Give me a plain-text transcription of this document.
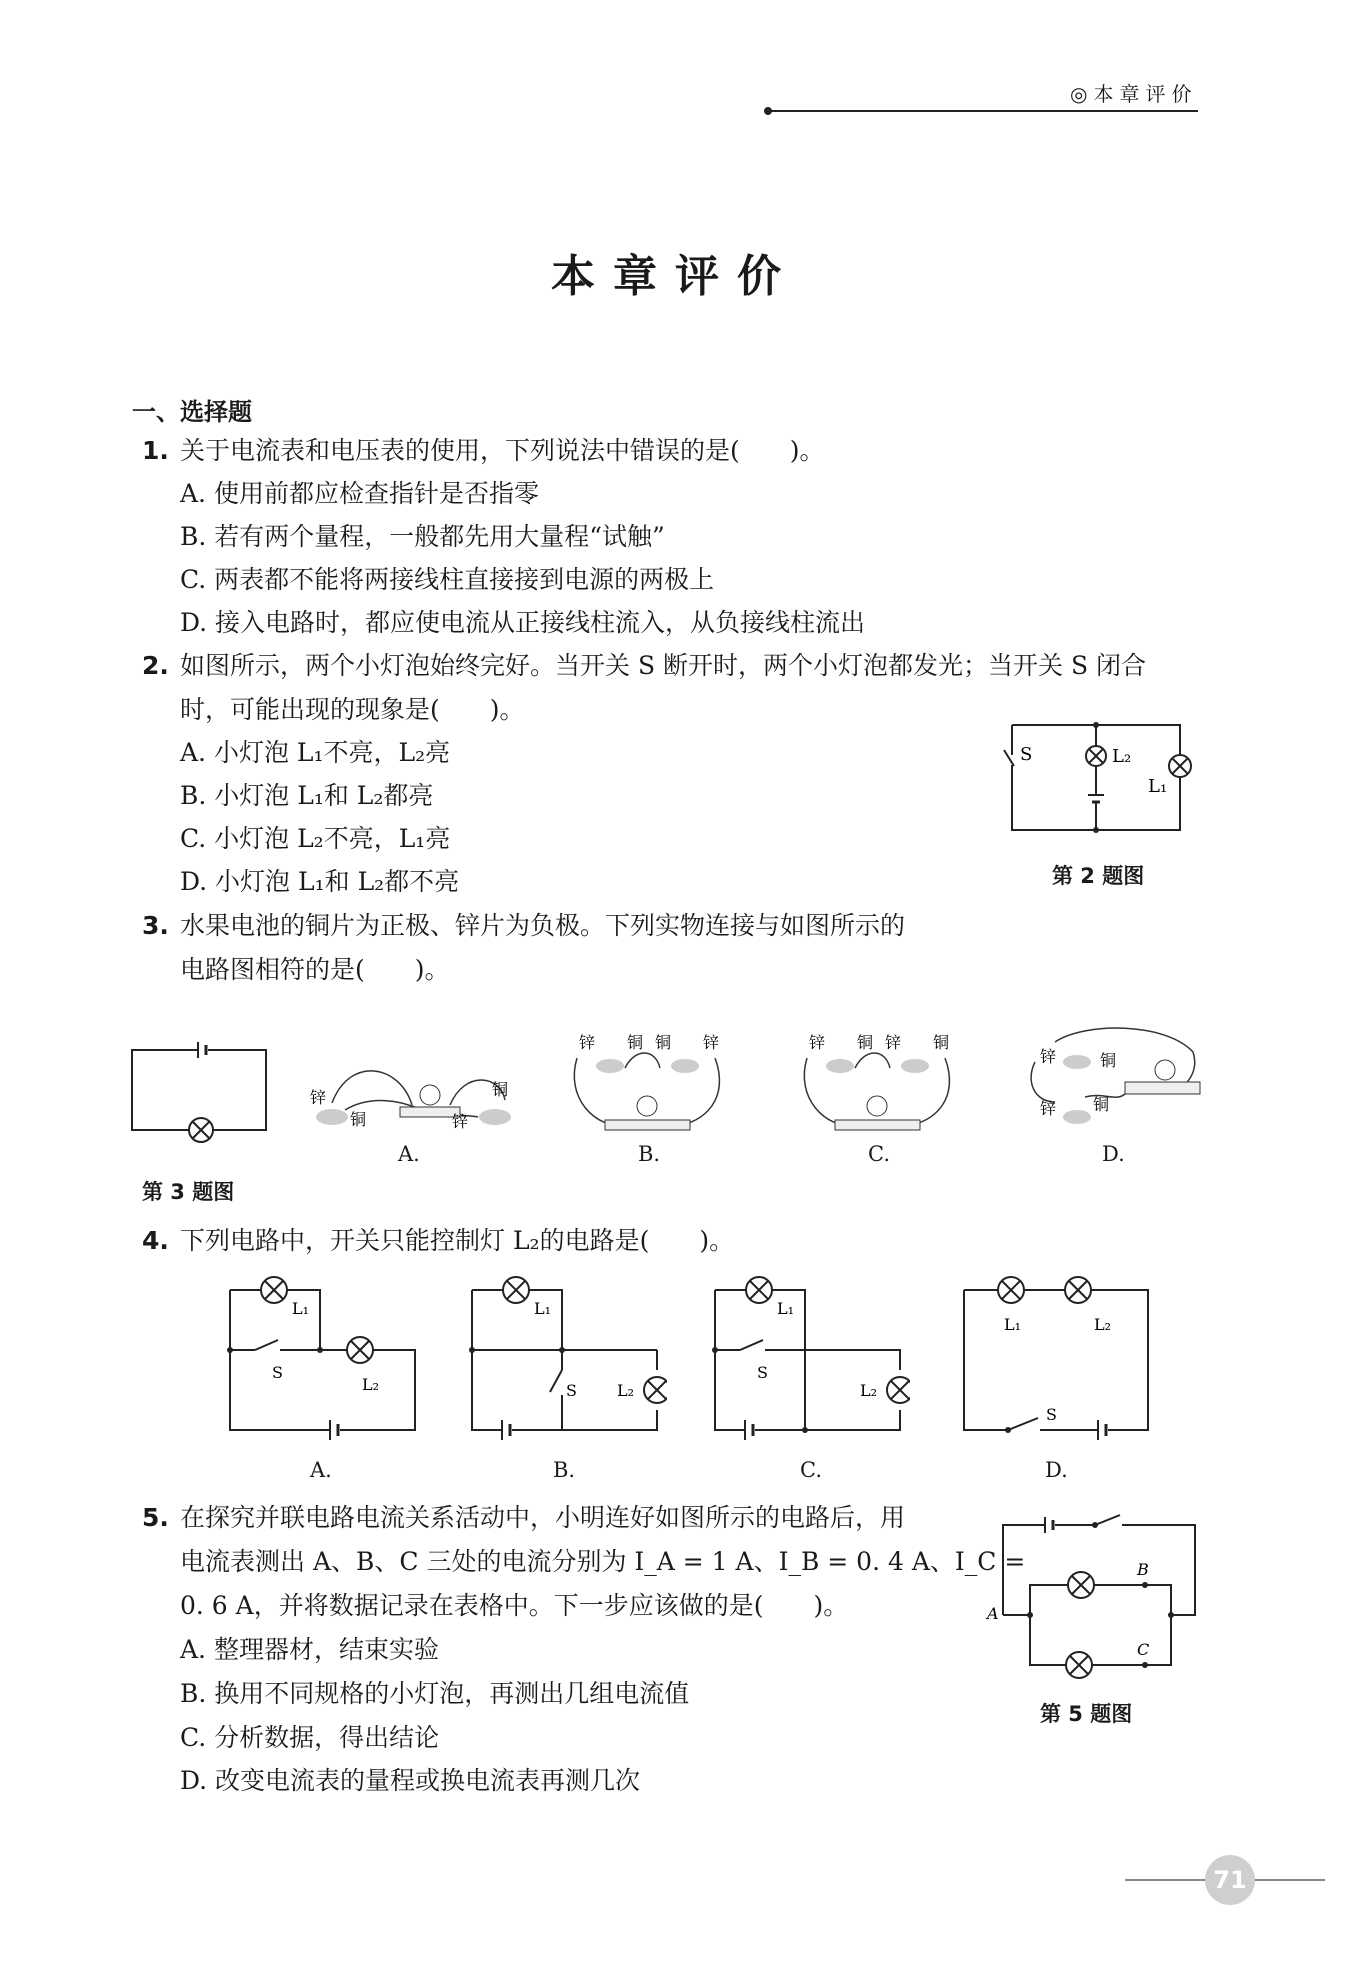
◎本章评价
本章评价
一、选择题
1. 关于电流表和电压表的使用，下列说法中错误的是(　　)。
A. 使用前都应检查指针是否指零
B. 若有两个量程，一般都先用大量程“试触”
C. 两表都不能将两接线柱直接接到电源的两极上
D. 接入电路时，都应使电流从正接线柱流入，从负接线柱流出
2. 如图所示，两个小灯泡始终完好。当开关 S 断开时，两个小灯泡都发光；当开关 S 闭合
时，可能出现的现象是(　　)。
A. 小灯泡 L₁不亮，L₂亮
B. 小灯泡 L₁和 L₂都亮
C. 小灯泡 L₂不亮，L₁亮
D. 小灯泡 L₁和 L₂都不亮
S	L₂
L₁
第 2 题图
3. 水果电池的铜片为正极、锌片为负极。下列实物连接与如图所示的
电路图相符的是(　　)。
第 3 题图
锌
铜	锌
铜
A.
锌 铜 铜 锌
B.
锌 铜 锌 铜
C.
锌	铜
锌 铜
D.
4. 下列电路中，开关只能控制灯 L₂的电路是(　　)。
L₁
S
L₂
A.
L₁
S	L₂
B.
L₁
S
L₂
C.
L₁	L₂
S
D.
5. 在探究并联电路电流关系活动中，小明连好如图所示的电路后，用
电流表测出 A、B、C 三处的电流分别为 I_A = 1 A、I_B = 0. 4 A、I_C =
0. 6 A，并将数据记录在表格中。下一步应该做的是(　　)。
A. 整理器材，结束实验
B. 换用不同规格的小灯泡，再测出几组电流值
C. 分析数据，得出结论
D. 改变电流表的量程或换电流表再测几次
A
B
C
第 5 题图
71
